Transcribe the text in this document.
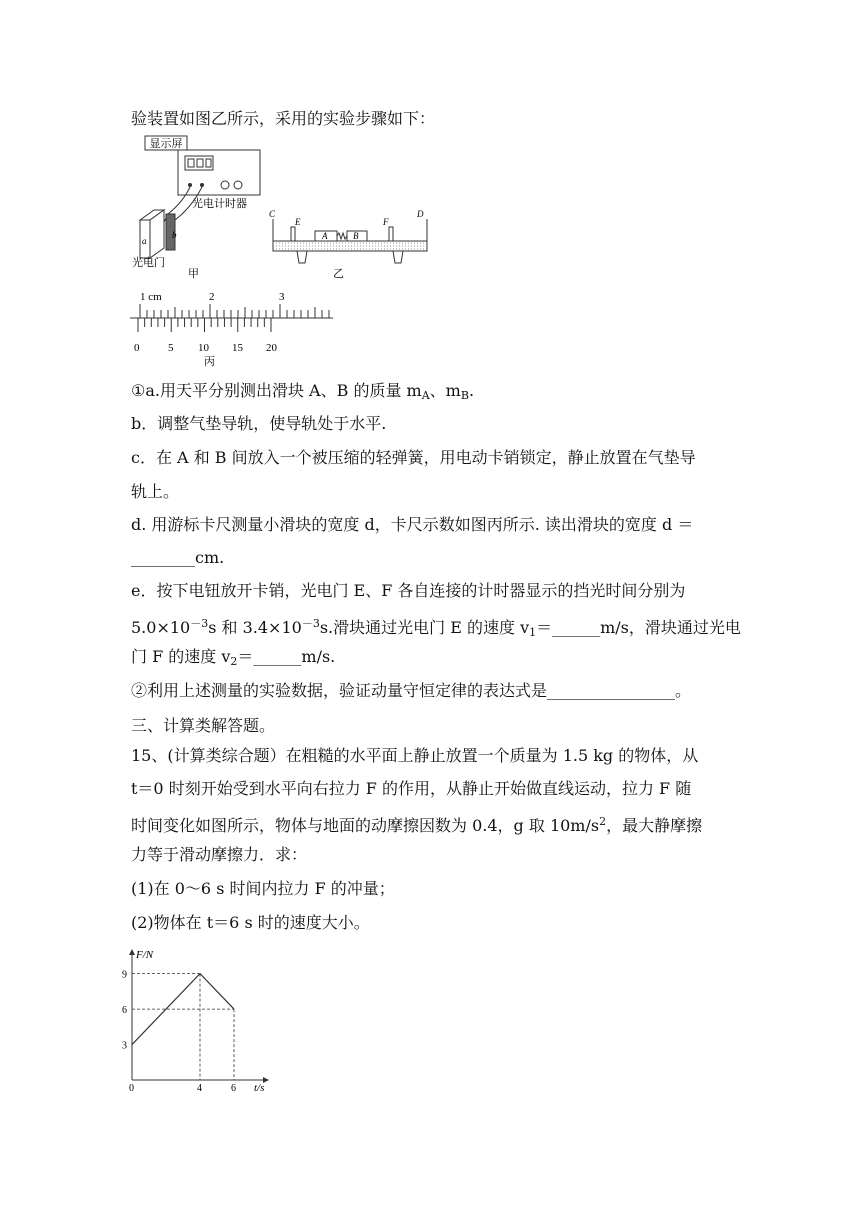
验装置如图乙所示，采用的实验步骤如下：
显示屏
光电计时器
a
b
光电门
甲
C
E	F
D
A	B
乙
1 cm	2	3
0	5 10 15 20
丙
①a.用天平分别测出滑块 A、B 的质量 $m_A$、$m_B$.
b．调整气垫导轨，使导轨处于水平.
c．在 A 和 B 间放入一个被压缩的轻弹簧，用电动卡销锁定，静止放置在气垫导
轨上。
d. 用游标卡尺测量小滑块的宽度 d，卡尺示数如图丙所示. 读出滑块的宽度 d ＝
________cm.
e．按下电钮放开卡销，光电门 E、F 各自连接的计时器显示的挡光时间分别为
$5.0\times 10^{-3}s$ 和 $3.4\times 10^{-3}s$.滑块通过光电门 E 的速度 $v_1=\_\_\_\_\_\_m/s$，滑块通过光电
门 F 的速度 $v_2=\_\_\_\_\_\_m/s$.
②利用上述测量的实验数据，验证动量守恒定律的表达式是________________。
三、计算类解答题。
15、(计算类综合题）在粗糙的水平面上静止放置一个质量为 1.5 kg 的物体，从
t＝0 时刻开始受到水平向右拉力 F 的作用，从静止开始做直线运动，拉力 F 随
时间变化如图所示，物体与地面的动摩擦因数为 0.4，g 取 $10m/s^2$，最大静摩擦
力等于滑动摩擦力．求：
(1)在 0～6 s 时间内拉力 F 的冲量；
(2)物体在 t＝6 s 时的速度大小。
0	4	6
3
6
9
F/N
t/s
